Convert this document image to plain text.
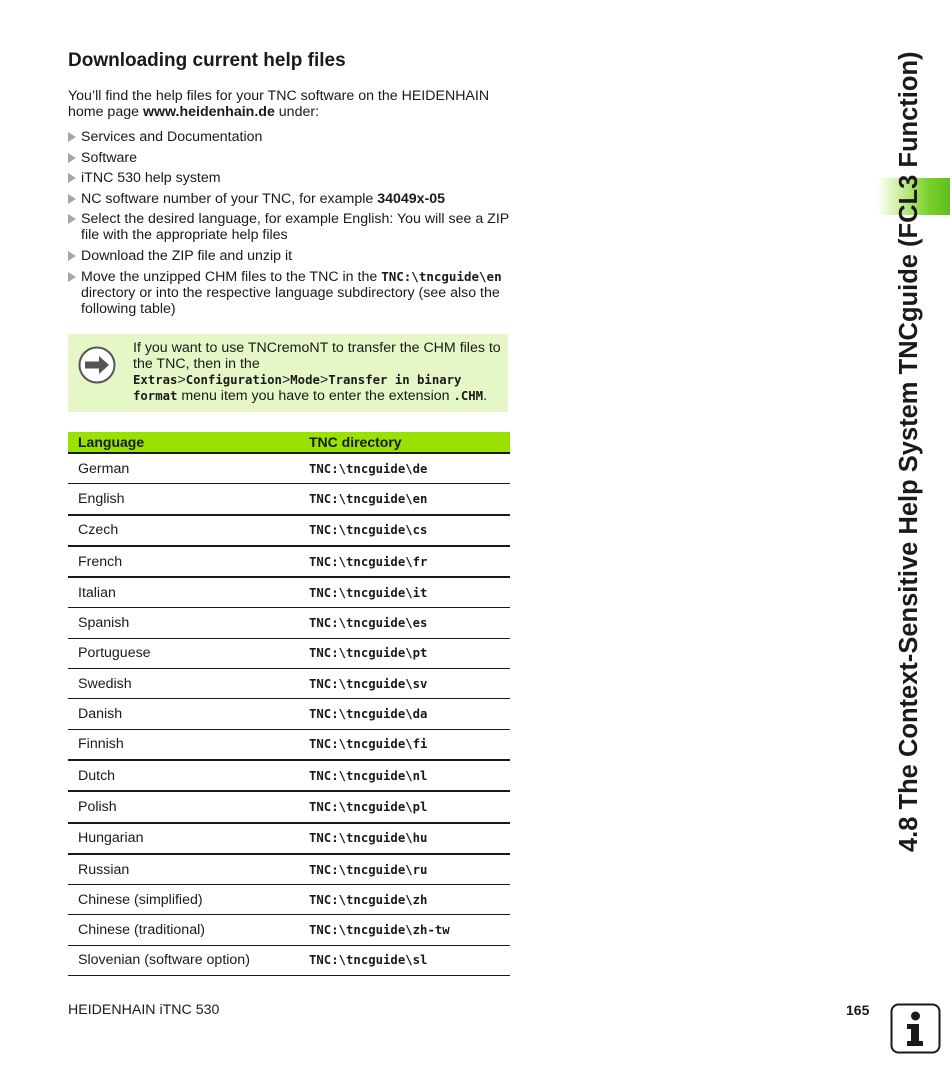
Downloading current help files

You’ll find the help files for your TNC software on the HEIDENHAIN home page www.heidenhain.de under:

Services and Documentation
Software
iTNC 530 help system
NC software number of your TNC, for example 34049x-05
Select the desired language, for example English: You will see a ZIP file with the appropriate help files
Download the ZIP file and unzip it
Move the unzipped CHM files to the TNC in the TNC:\tncguide\en directory or into the respective language subdirectory (see also the following table)
If you want to use TNCremoNT to transfer the CHM files to the TNC, then in the Extras>Configuration>Mode>Transfer in binary format menu item you have to enter the extension .CHM.
Language	TNC directory
German	TNC:\tncguide\de
English	TNC:\tncguide\en
Czech	TNC:\tncguide\cs
French	TNC:\tncguide\fr
Italian	TNC:\tncguide\it
Spanish	TNC:\tncguide\es
Portuguese	TNC:\tncguide\pt
Swedish	TNC:\tncguide\sv
Danish	TNC:\tncguide\da
Finnish	TNC:\tncguide\fi
Dutch	TNC:\tncguide\nl
Polish	TNC:\tncguide\pl
Hungarian	TNC:\tncguide\hu
Russian	TNC:\tncguide\ru
Chinese (simplified)	TNC:\tncguide\zh
Chinese (traditional)	TNC:\tncguide\zh-tw
Slovenian (software option)	TNC:\tncguide\sl
4.8 The Context-Sensitive Help System TNCguide (FCL3 Function)
HEIDENHAIN iTNC 530	165
